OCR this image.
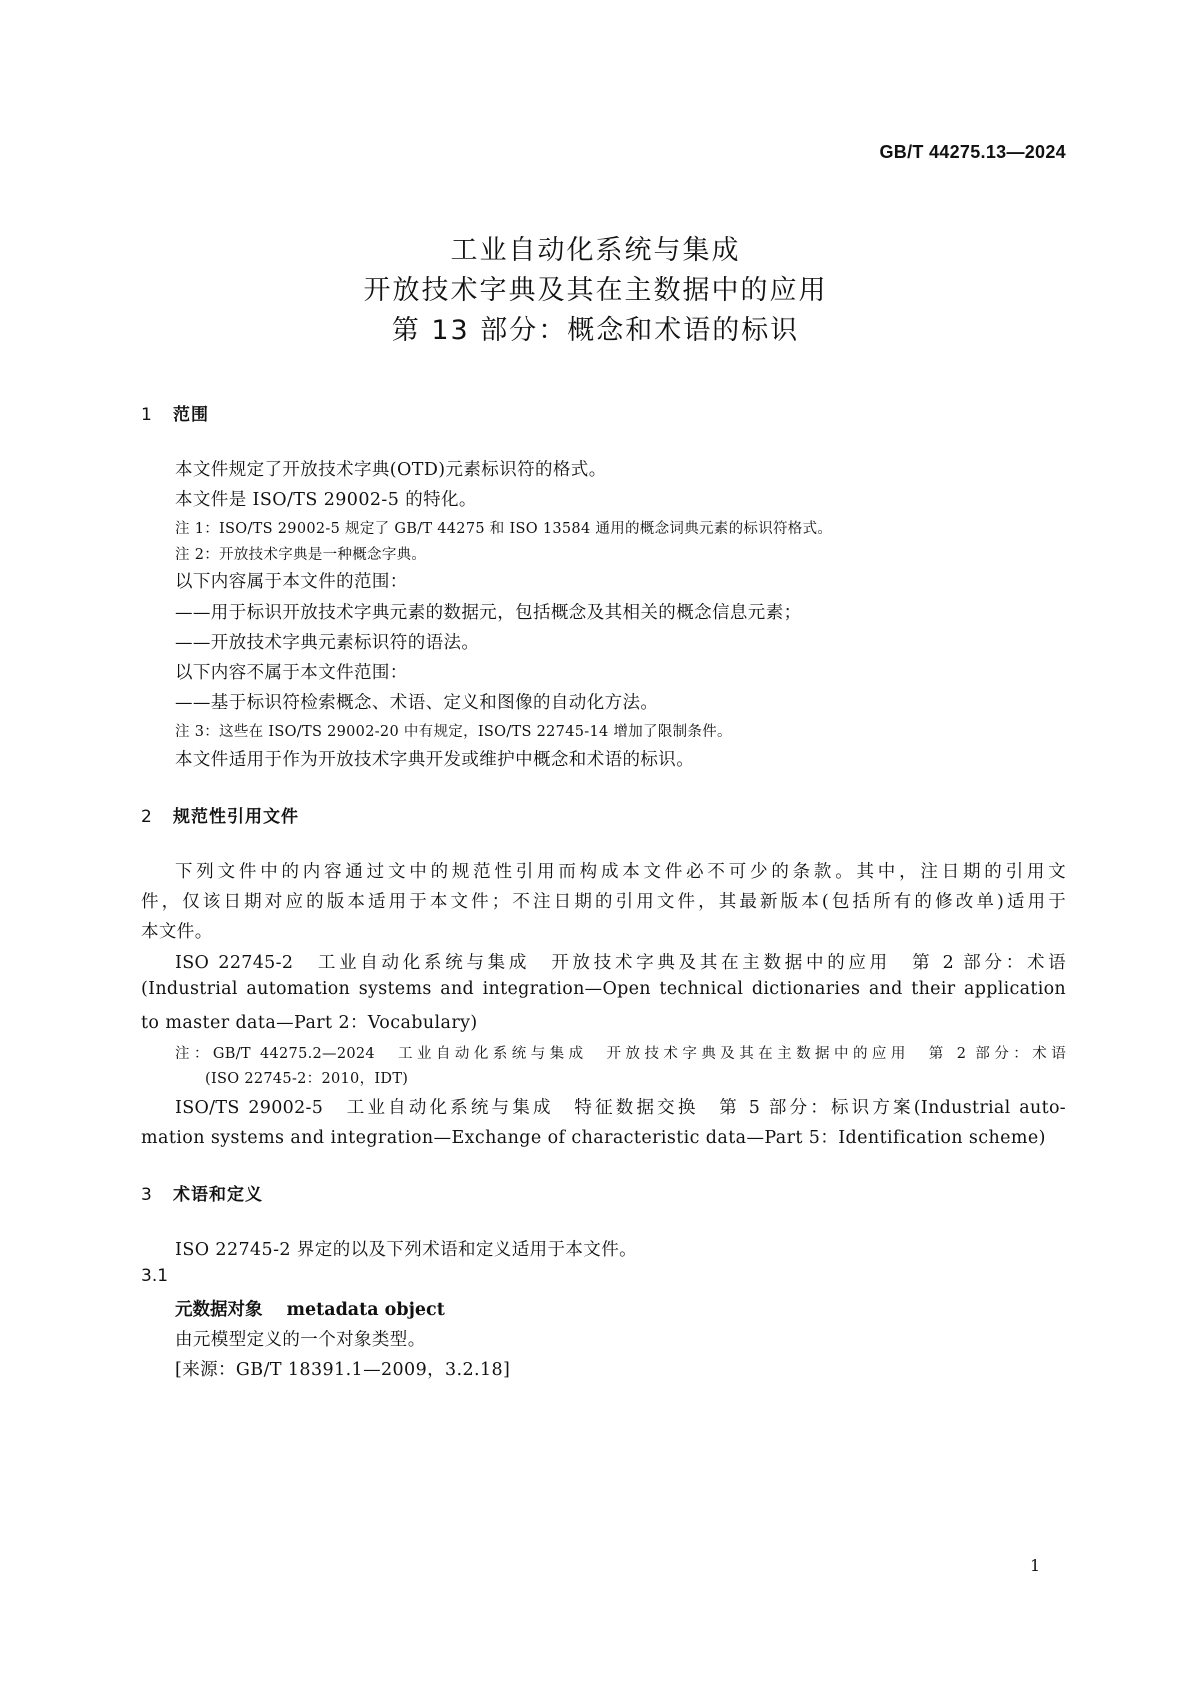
GB/T 44275.13—2024
工业自动化系统与集成
开放技术字典及其在主数据中的应用
第 13 部分：概念和术语的标识
1 范围
本文件规定了开放技术字典(OTD)元素标识符的格式。
本文件是 ISO/TS 29002-5 的特化。
注 1：ISO/TS 29002-5 规定了 GB/T 44275 和 ISO 13584 通用的概念词典元素的标识符格式。
注 2：开放技术字典是一种概念字典。
以下内容属于本文件的范围：
——用于标识开放技术字典元素的数据元，包括概念及其相关的概念信息元素；
——开放技术字典元素标识符的语法。
以下内容不属于本文件范围：
——基于标识符检索概念、术语、定义和图像的自动化方法。
注 3：这些在 ISO/TS 29002-20 中有规定，ISO/TS 22745-14 增加了限制条件。
本文件适用于作为开放技术字典开发或维护中概念和术语的标识。
2 规范性引用文件
下列文件中的内容通过文中的规范性引用而构成本文件必不可少的条款。其中，注日期的引用文
件，仅该日期对应的版本适用于本文件；不注日期的引用文件，其最新版本(包括所有的修改单)适用于
本文件。
ISO 22745-2　工业自动化系统与集成　开放技术字典及其在主数据中的应用　第 2 部分：术语
(Industrial automation systems and integration—Open technical dictionaries and their application
to master data—Part 2：Vocabulary)
注：GB/T 44275.2—2024　工业自动化系统与集成　开放技术字典及其在主数据中的应用　第 2 部分：术语
(ISO 22745-2：2010，IDT)
ISO/TS 29002-5　工业自动化系统与集成　特征数据交换　第 5 部分：标识方案(Industrial auto-
mation systems and integration—Exchange of characteristic data—Part 5：Identification scheme)
3 术语和定义
ISO 22745-2 界定的以及下列术语和定义适用于本文件。
3.1
元数据对象 metadata object
由元模型定义的一个对象类型。
[来源：GB/T 18391.1—2009，3.2.18]
1
